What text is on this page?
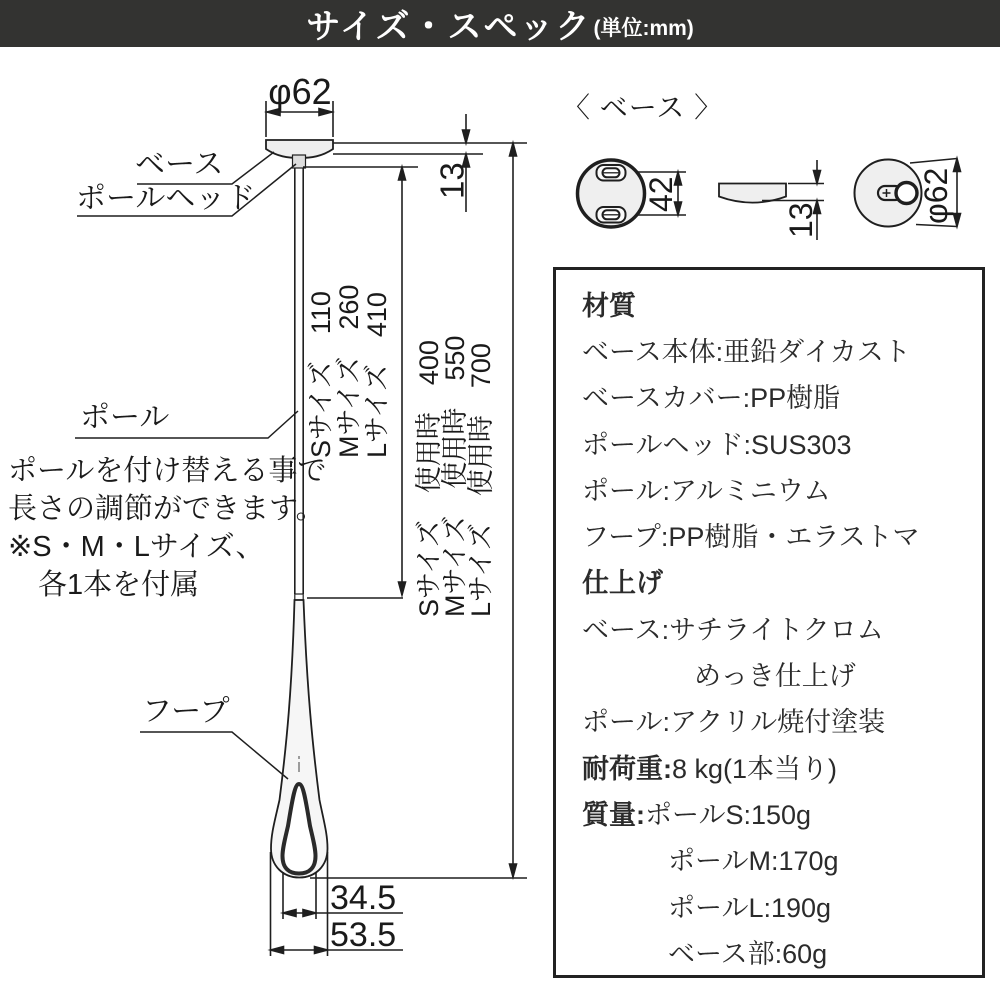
φ62
13
Sサイズ　110
Mサイズ　260
Lサイズ　410 Sサイズ　使用時　400
Mサイズ　使用時　550
Lサイズ　使用時　700
34.5
53.5
42
13	φ62
サイズ・スペック (単位:mm)
ベース
ポールヘッド
ポール
フープ
ポールを付け替える事で
長さの調節ができます。
※S・M・Lサイズ、
各1本を付属
〈 ベース 〉
材質
ベース本体:亜鉛ダイカスト
ベースカバー:PP樹脂
ポールヘッド:SUS303
ポール:アルミニウム
フープ:PP樹脂・エラストマ
仕上げ
ベース:サチライトクロム
めっき仕上げ
ポール:アクリル焼付塗装
耐荷重: 8 kg(1本当り)
質量: ポールS:150g
ポールM:170g
ポールL:190g
ベース部:60g
